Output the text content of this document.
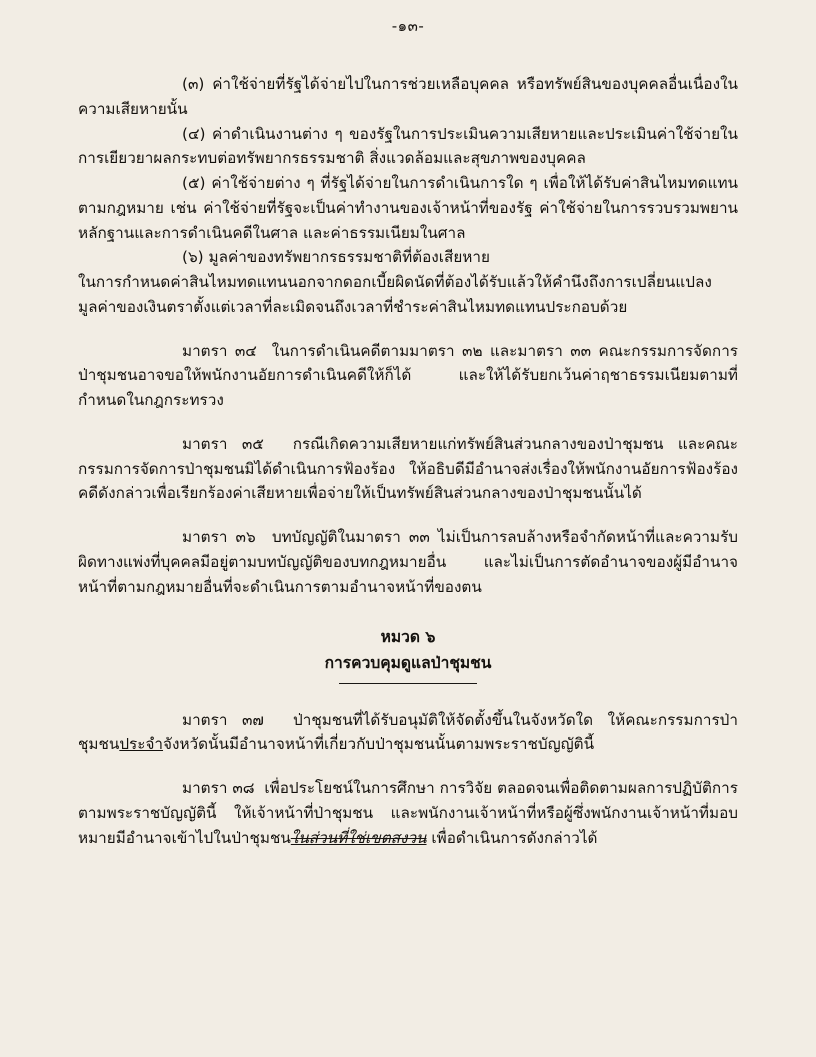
-๑๓-

(๓) ค่าใช้จ่ายที่รัฐได้จ่ายไปในการช่วยเหลือบุคคล หรือทรัพย์สินของบุคคลอื่นเนื่องในความเสียหายนั้น

(๔) ค่าดำเนินงานต่าง ๆ ของรัฐในการประเมินความเสียหายและประเมินค่าใช้จ่ายในการเยียวยาผลกระทบต่อทรัพยากรธรรมชาติ สิ่งแวดล้อมและสุขภาพของบุคคล

(๕) ค่าใช้จ่ายต่าง ๆ ที่รัฐได้จ่ายในการดำเนินการใด ๆ เพื่อให้ได้รับค่าสินไหมทดแทนตามกฎหมาย เช่น ค่าใช้จ่ายที่รัฐจะเป็นค่าทำงานของเจ้าหน้าที่ของรัฐ ค่าใช้จ่ายในการรวบรวมพยานหลักฐานและการดำเนินคดีในศาล และค่าธรรมเนียมในศาล

(๖) มูลค่าของทรัพยากรธรรมชาติที่ต้องเสียหาย

ในการกำหนดค่าสินไหมทดแทนนอกจากดอกเบี้ยผิดนัดที่ต้องได้รับแล้วให้คำนึงถึงการเปลี่ยนแปลงมูลค่าของเงินตราตั้งแต่เวลาที่ละเมิดจนถึงเวลาที่ชำระค่าสินไหมทดแทนประกอบด้วย

มาตรา ๓๔ ในการดำเนินคดีตามมาตรา ๓๒ และมาตรา ๓๓ คณะกรรมการจัดการป่าชุมชนอาจขอให้พนักงานอัยการดำเนินคดีให้ก็ได้ และให้ได้รับยกเว้นค่าฤชาธรรมเนียมตามที่กำหนดในกฎกระทรวง

มาตรา ๓๕ กรณีเกิดความเสียหายแก่ทรัพย์สินส่วนกลางของป่าชุมชน และคณะกรรมการจัดการป่าชุมชนมิได้ดำเนินการฟ้องร้อง ให้อธิบดีมีอำนาจส่งเรื่องให้พนักงานอัยการฟ้องร้องคดีดังกล่าวเพื่อเรียกร้องค่าเสียหายเพื่อจ่ายให้เป็นทรัพย์สินส่วนกลางของป่าชุมชนนั้นได้

มาตรา ๓๖ บทบัญญัติในมาตรา ๓๓ ไม่เป็นการลบล้างหรือจำกัดหน้าที่และความรับผิดทางแพ่งที่บุคคลมีอยู่ตามบทบัญญัติของบทกฎหมายอื่น และไม่เป็นการตัดอำนาจของผู้มีอำนาจหน้าที่ตามกฎหมายอื่นที่จะดำเนินการตามอำนาจหน้าที่ของตน

หมวด ๖

การควบคุมดูแลป่าชุมชน

มาตรา ๓๗ ป่าชุมชนที่ได้รับอนุมัติให้จัดตั้งขึ้นในจังหวัดใด ให้คณะกรรมการป่าชุมชนประจำจังหวัดนั้นมีอำนาจหน้าที่เกี่ยวกับป่าชุมชนนั้นตามพระราชบัญญัตินี้

มาตรา ๓๘ เพื่อประโยชน์ในการศึกษา การวิจัย ตลอดจนเพื่อติดตามผลการปฏิบัติการตามพระราชบัญญัตินี้ ให้เจ้าหน้าที่ป่าชุมชน และพนักงานเจ้าหน้าที่หรือผู้ซึ่งพนักงานเจ้าหน้าที่มอบหมายมีอำนาจเข้าไปในป่าชุมชนในส่วนที่ใช่เขตสงวน เพื่อดำเนินการดังกล่าวได้
